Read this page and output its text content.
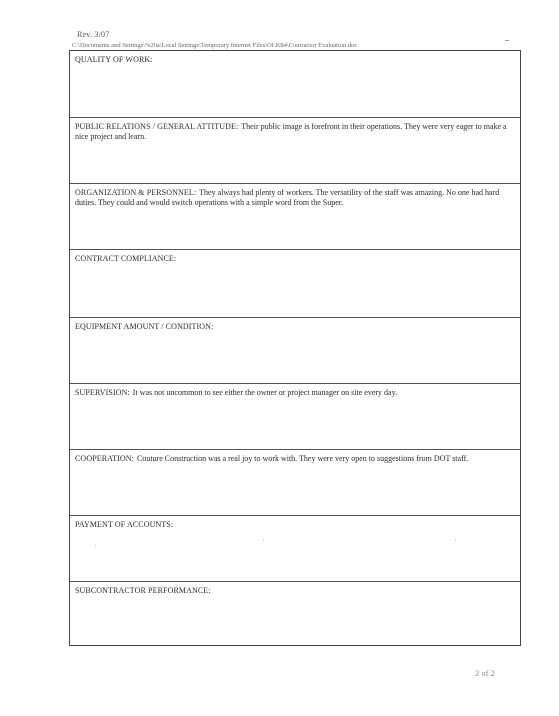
Rev. 3/07
C:\Documents and Settings\%20a\Local Settings\Temporary Internet Files\OLK84\Contractor Evaluation.doc
QUALITY OF WORK:
PUBLIC RELATIONS / GENERAL ATTITUDE: Their public image is forefront in their operations. They were very eager to make a nice project and learn.
ORGANIZATION & PERSONNEL: They always had plenty of workers. The versatility of the staff was amazing. No one had hard duties. They could and would switch operations with a simple word from the Super.
CONTRACT COMPLIANCE:
EQUIPMENT AMOUNT / CONDITION:
SUPERVISION: It was not uncommon to see either the owner or project manager on site every day.
COOPERATION: Couture Construction was a real joy to work with. They were very open to suggestions from DOT staff.
PAYMENT OF ACCOUNTS:
SUBCONTRACTOR PERFORMANCE:
2 of 2
